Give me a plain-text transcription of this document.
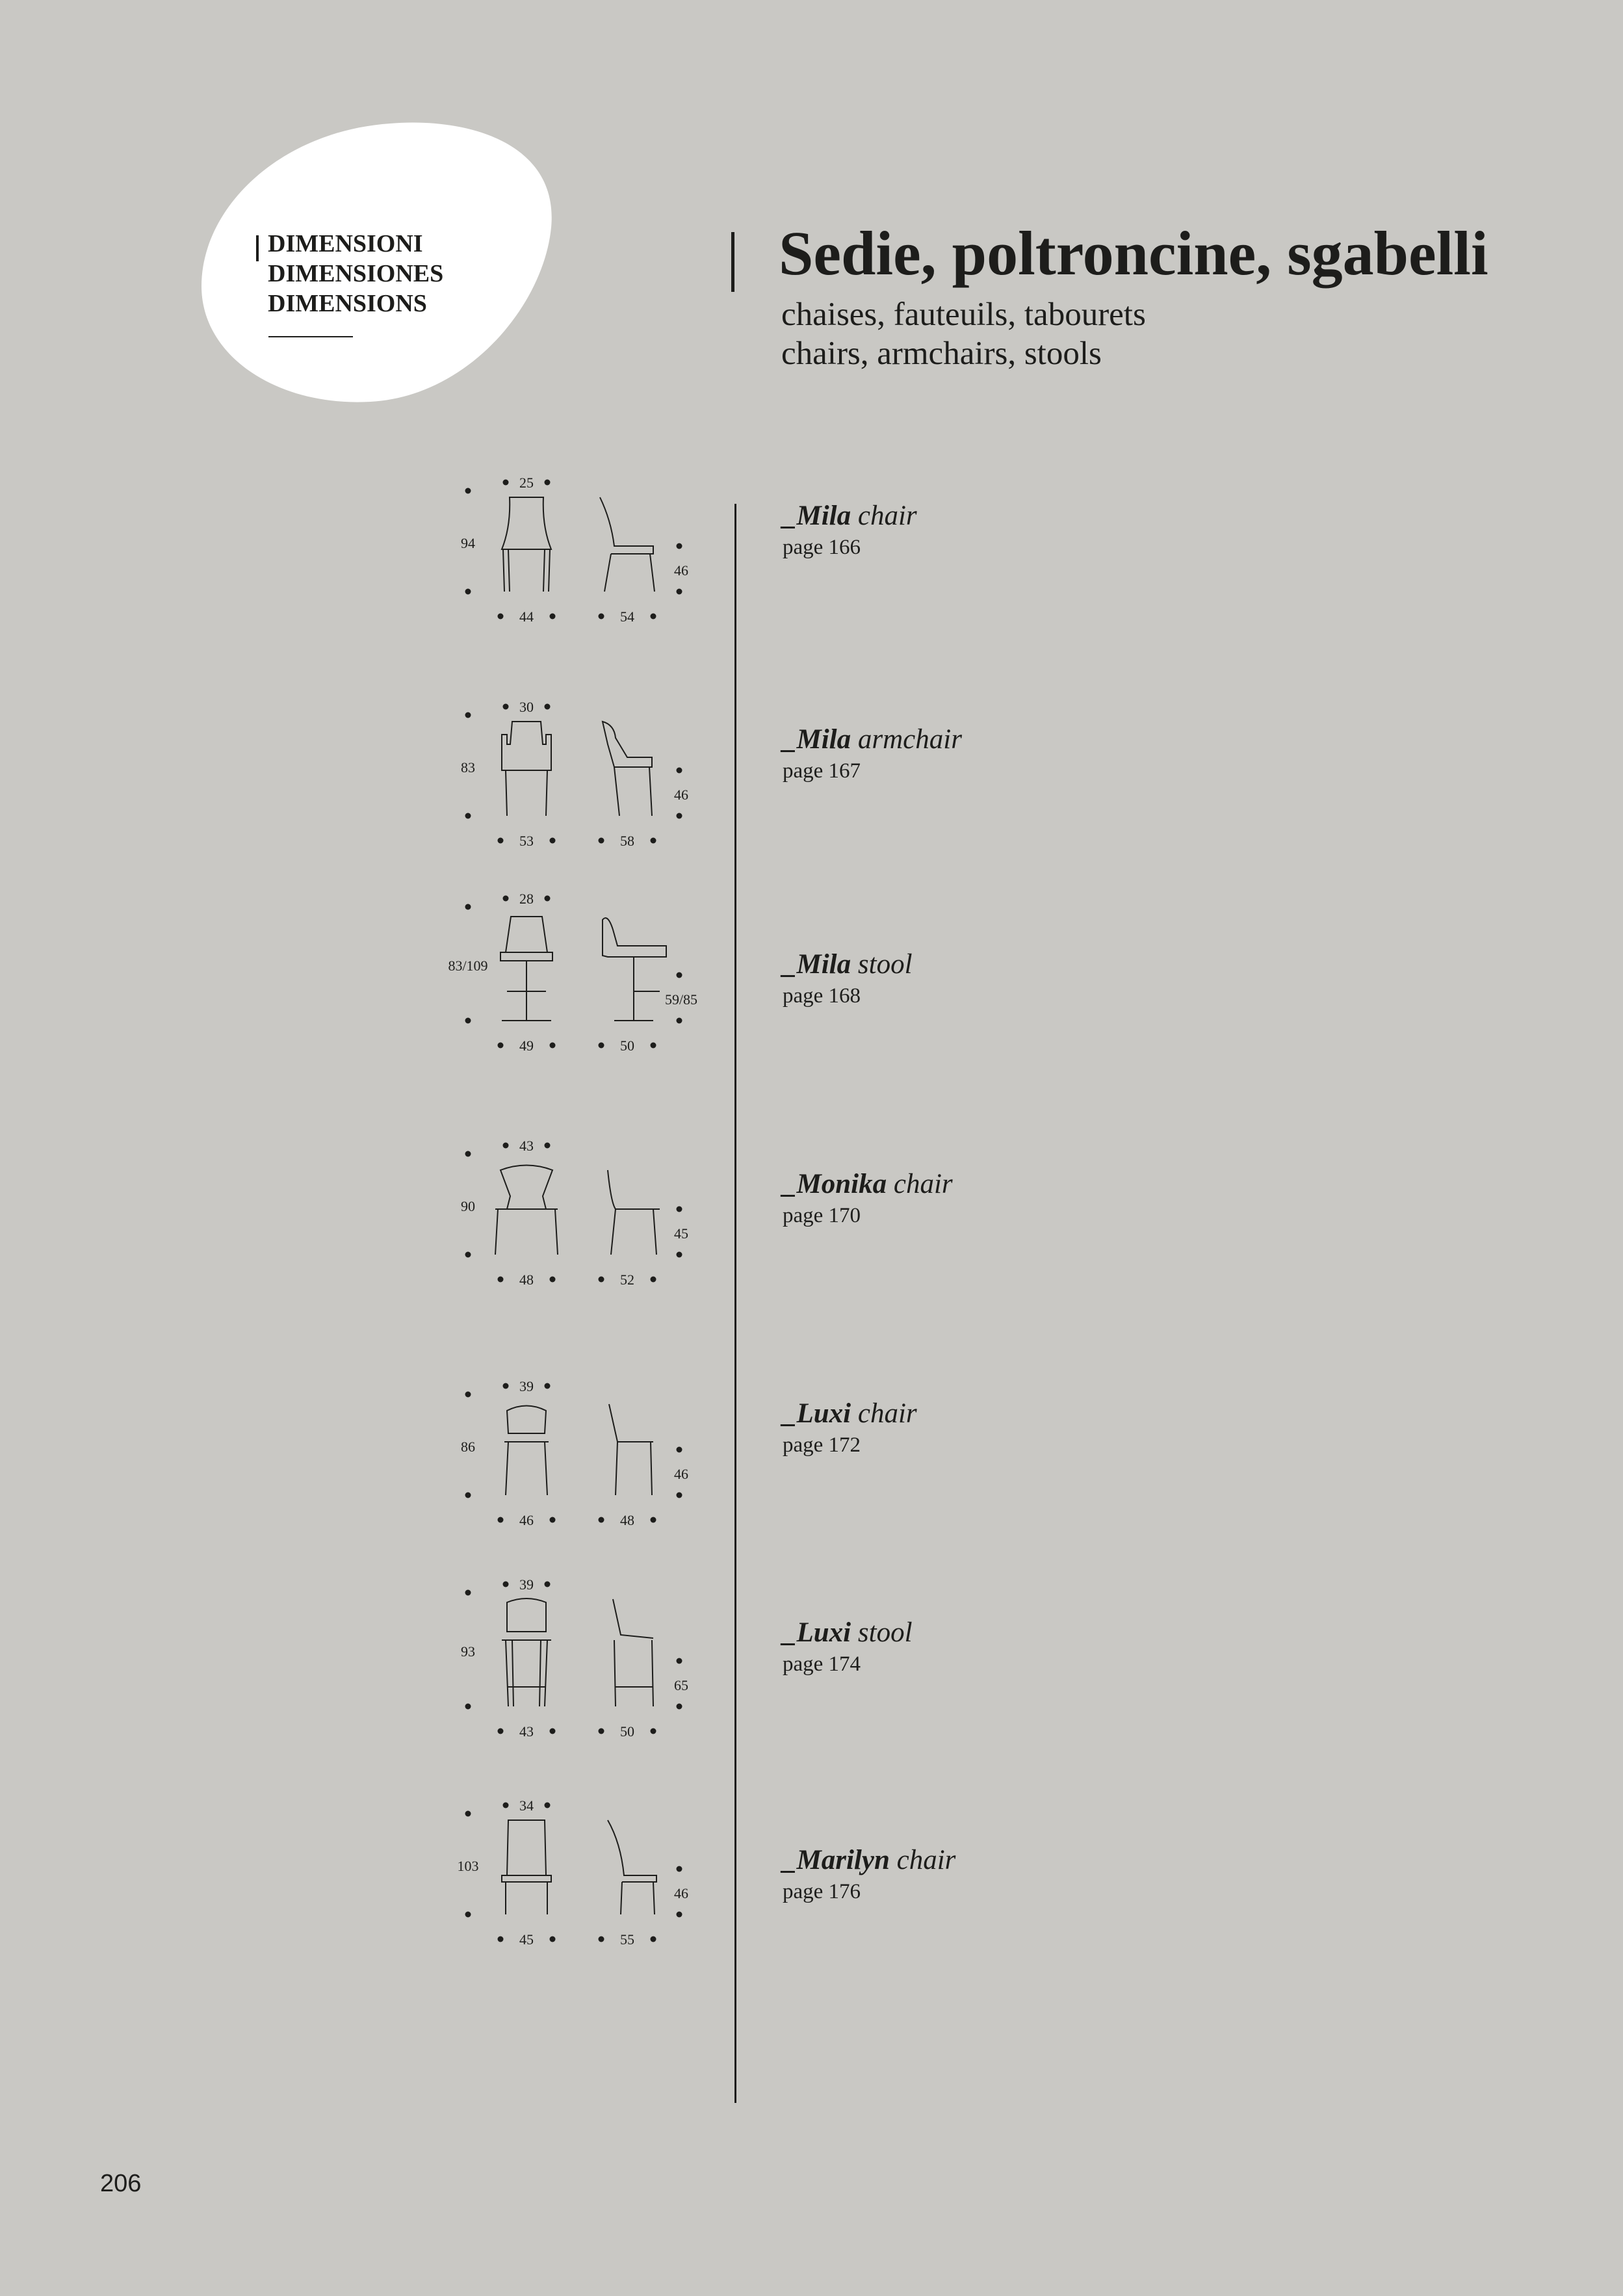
DIMENSIONI
DIMENSIONES
DIMENSIONS
Sedie, poltroncine, sgabelli
chaises, fauteuils, tabourets
chairs, armchairs, stools
25
94
46
44	54
30
83
46
53	58
28
83/109
59/85
49	50
43
90
45
48	52
39
86
46
46	48
39
93
65
43	50
34
103
46
45	55
_Mila chair
page 166
_Mila armchair
page 167
_Mila stool
page 168
_Monika chair
page 170
_Luxi chair
page 172
_Luxi stool
page 174
_Marilyn chair
page 176
206
